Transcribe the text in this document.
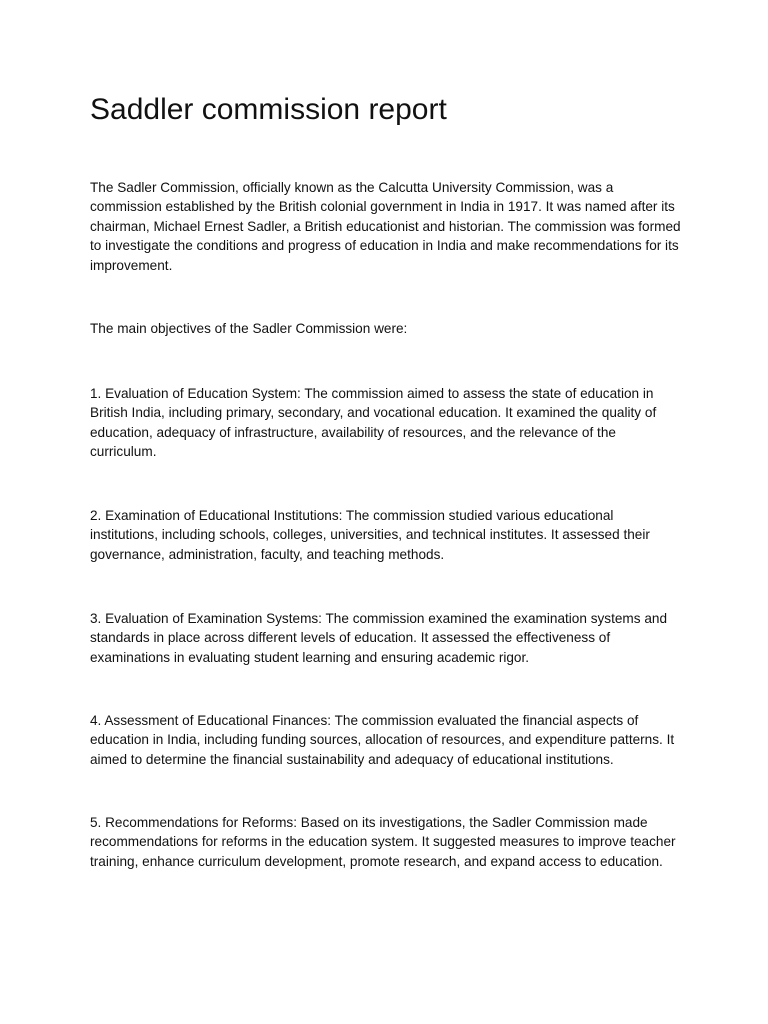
Saddler commission report

The Sadler Commission, officially known as the Calcutta University Commission, was a commission established by the British colonial government in India in 1917. It was named after its chairman, Michael Ernest Sadler, a British educationist and historian. The commission was formed to investigate the conditions and progress of education in India and make recommendations for its improvement.

The main objectives of the Sadler Commission were:

1. Evaluation of Education System: The commission aimed to assess the state of education in British India, including primary, secondary, and vocational education. It examined the quality of education, adequacy of infrastructure, availability of resources, and the relevance of the curriculum.

2. Examination of Educational Institutions: The commission studied various educational institutions, including schools, colleges, universities, and technical institutes. It assessed their governance, administration, faculty, and teaching methods.

3. Evaluation of Examination Systems: The commission examined the examination systems and standards in place across different levels of education. It assessed the effectiveness of examinations in evaluating student learning and ensuring academic rigor.

4. Assessment of Educational Finances: The commission evaluated the financial aspects of education in India, including funding sources, allocation of resources, and expenditure patterns. It aimed to determine the financial sustainability and adequacy of educational institutions.

5. Recommendations for Reforms: Based on its investigations, the Sadler Commission made recommendations for reforms in the education system. It suggested measures to improve teacher training, enhance curriculum development, promote research, and expand access to education.
